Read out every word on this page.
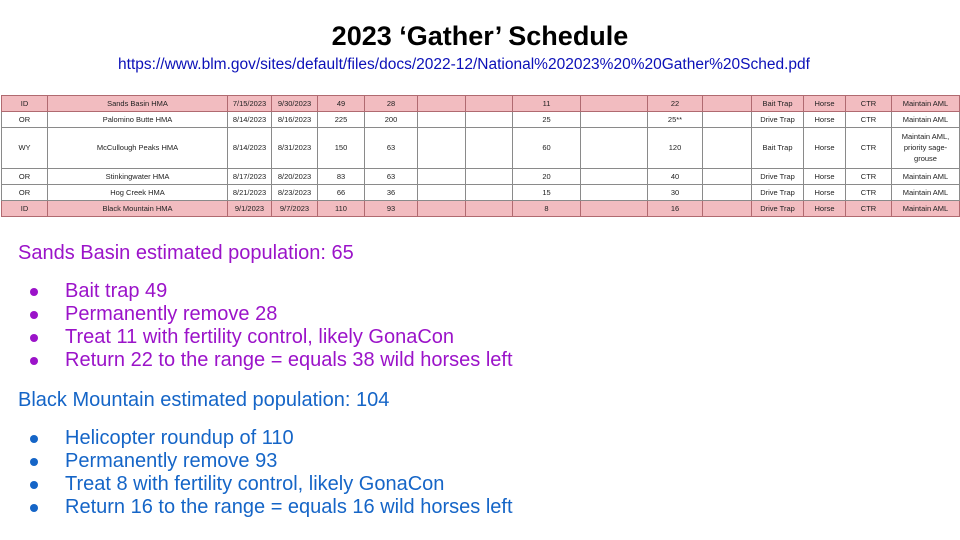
2023 ‘Gather’ Schedule
https://www.blm.gov/sites/default/files/docs/2022-12/National%202023%20%20Gather%20Sched.pdf
ID	Sands Basin HMA	7/15/2023	9/30/2023	49	28			11		22		Bait Trap	Horse	CTR	Maintain AML
OR	Palomino Butte HMA	8/14/2023	8/16/2023	225	200			25		25**		Drive Trap	Horse	CTR	Maintain AML
WY	McCullough Peaks HMA	8/14/2023	8/31/2023	150	63			60		120		Bait Trap	Horse	CTR	Maintain AML, priority sage-grouse
OR	Stinkingwater HMA	8/17/2023	8/20/2023	83	63			20		40		Drive Trap	Horse	CTR	Maintain AML
OR	Hog Creek HMA	8/21/2023	8/23/2023	66	36			15		30		Drive Trap	Horse	CTR	Maintain AML
ID	Black Mountain HMA	9/1/2023	9/7/2023	110	93			8		16		Drive Trap	Horse	CTR	Maintain AML
Sands Basin estimated population: 65
Bait trap 49
Permanently remove 28
Treat 11 with fertility control, likely GonaCon
Return 22 to the range = equals 38 wild horses left
Black Mountain estimated population: 104
Helicopter roundup of 110
Permanently remove 93
Treat 8 with fertility control, likely GonaCon
Return 16 to the range = equals 16 wild horses left
